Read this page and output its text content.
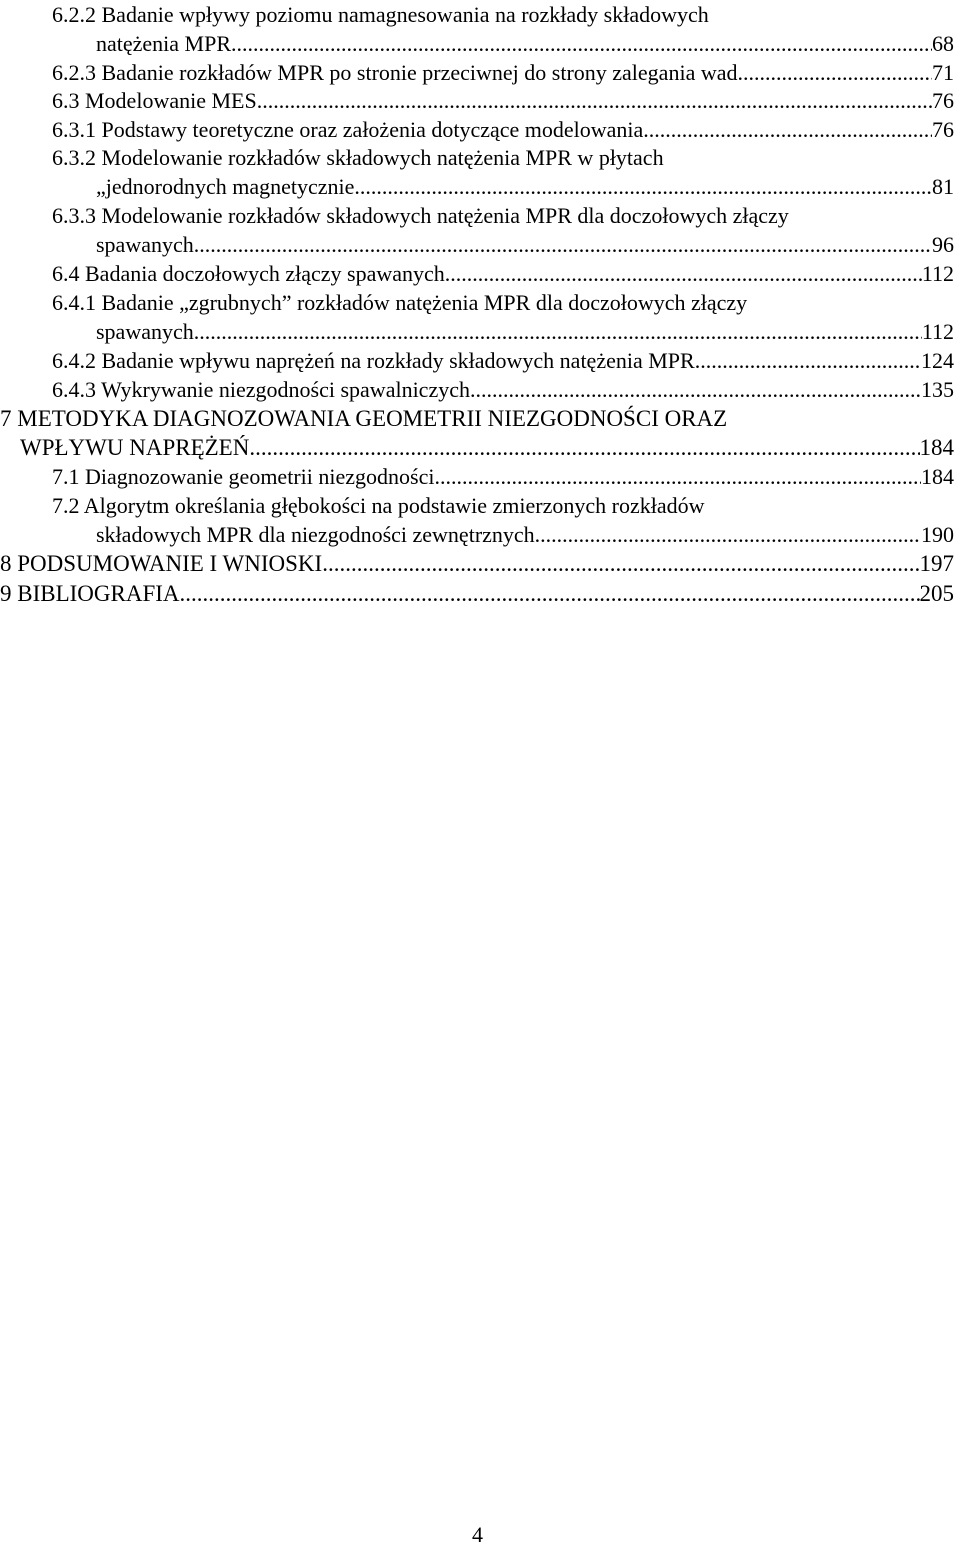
6.2.2 Badanie wpływy poziomu namagnesowania na rozkłady składowych
natężenia MPR .....	68
6.2.3 Badanie rozkładów MPR po stronie przeciwnej do strony zalegania wad .....	71
6.3 Modelowanie MES .....	76
6.3.1 Podstawy teoretyczne oraz założenia dotyczące modelowania .....	76
6.3.2 Modelowanie rozkładów składowych natężenia MPR w płytach
„jednorodnych magnetycznie .....	81
6.3.3 Modelowanie rozkładów składowych natężenia MPR dla doczołowych złączy
spawanych .....	96
6.4 Badania doczołowych złączy spawanych .....	112
6.4.1 Badanie „zgrubnych” rozkładów natężenia MPR dla doczołowych złączy
spawanych .....	112
6.4.2 Badanie wpływu naprężeń na rozkłady składowych natężenia MPR .....	124
6.4.3 Wykrywanie niezgodności spawalniczych .....	135
7 METODYKA DIAGNOZOWANIA GEOMETRII NIEZGODNOŚCI ORAZ
WPŁYWU NAPRĘŻEŃ .....	184
7.1 Diagnozowanie geometrii niezgodności .....	184
7.2 Algorytm określania głębokości na podstawie zmierzonych rozkładów
składowych MPR dla niezgodności zewnętrznych .....	190
8 PODSUMOWANIE I WNIOSKI .....	197
9 BIBLIOGRAFIA .....	205
4
